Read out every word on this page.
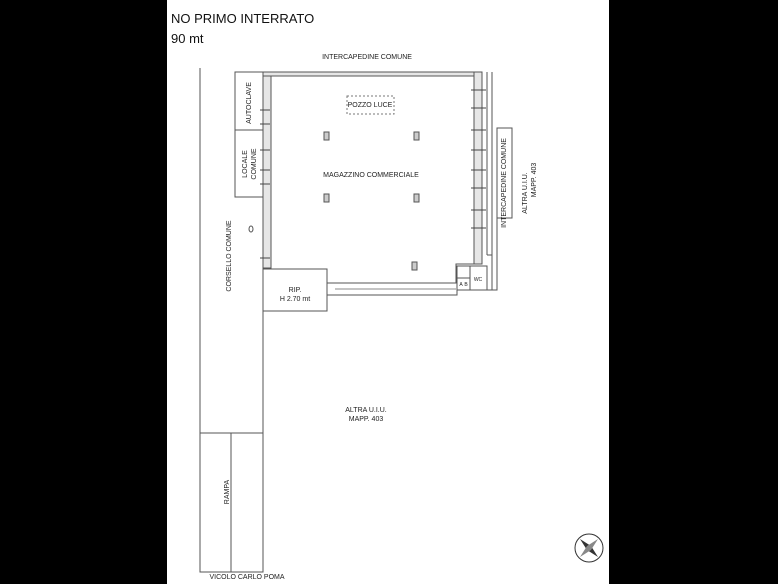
NO PRIMO INTERRATO
90 mt
INTERCAPEDINE COMUNE
POZZO LUCE
MAGAZZINO COMMERCIALE
AUTOCLAVE
LOCALE COMUNE
CORSELLO COMUNE
INTERCAPEDINE COMUNE ALTRA U.I.U. MAPP. 403
RIP.
H 2.70 mt
ALTRA U.I.U.
MAPP. 403
RAMPA
VICOLO CARLO POMA
WC
A B
